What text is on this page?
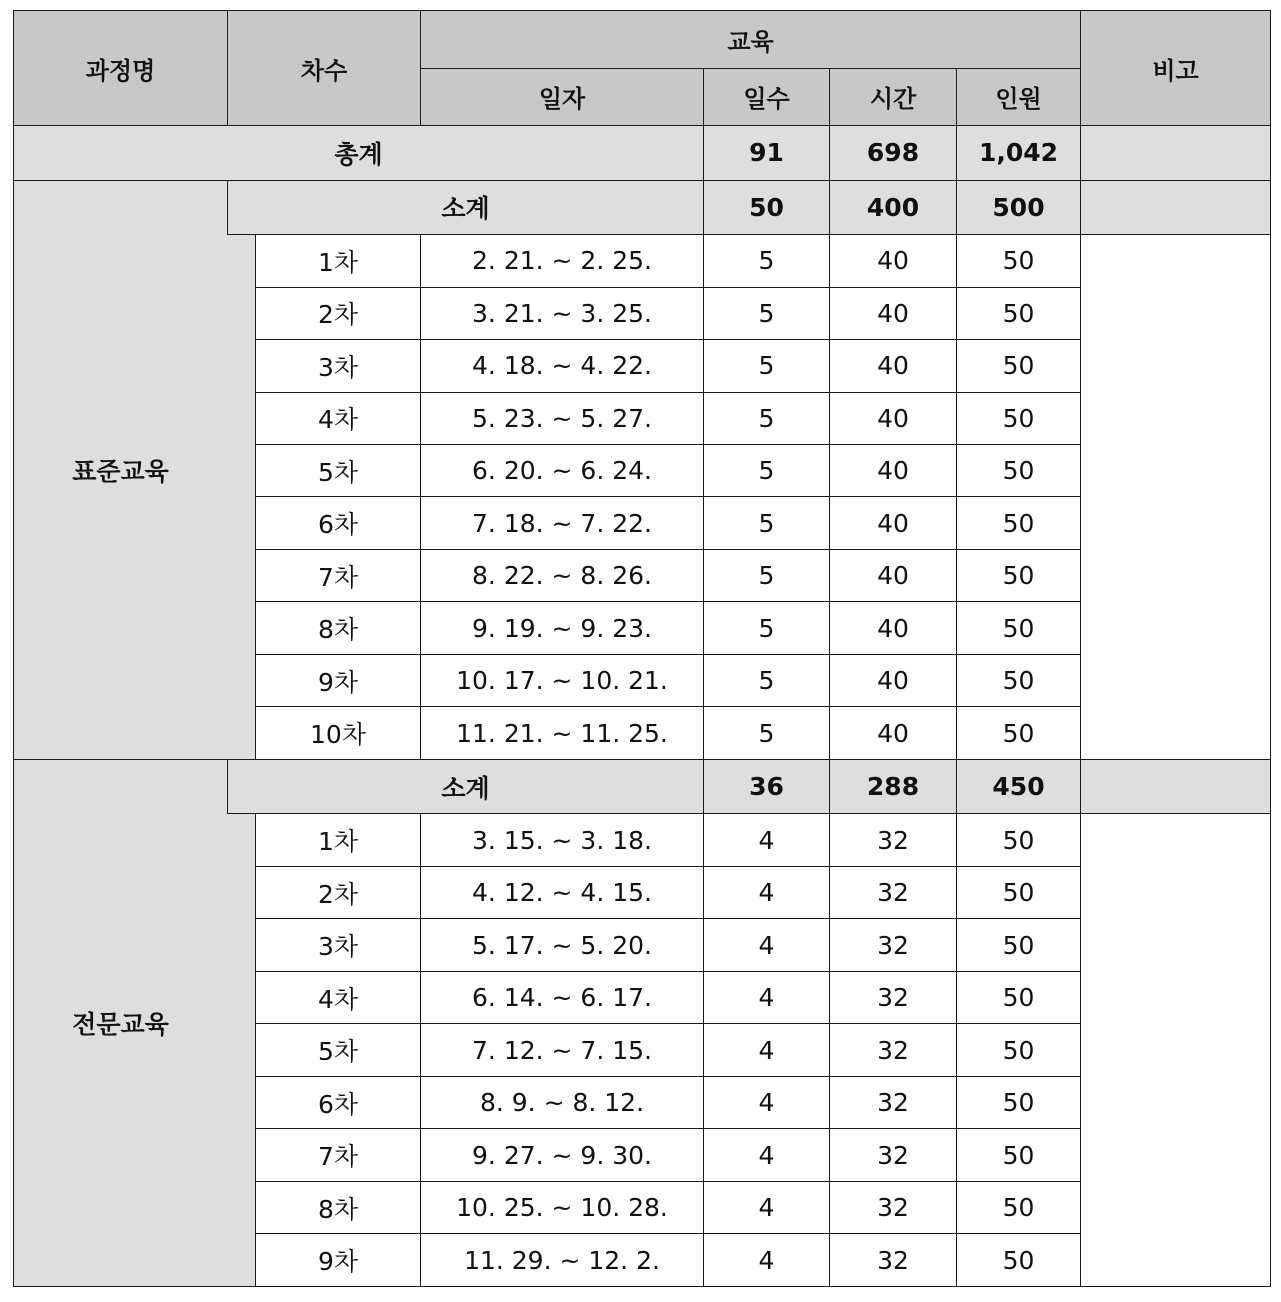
과정명	차수		교육				비고
			일자	일수	시간	인원	
총계				91	698	1,042	
표준교육	소계			50	400	500	
		1차	2. 21. ~ 2. 25.	5	40	50	
		2차	3. 21. ~ 3. 25.	5	40	50	
		3차	4. 18. ~ 4. 22.	5	40	50	
		4차	5. 23. ~ 5. 27.	5	40	50	
		5차	6. 20. ~ 6. 24.	5	40	50	
		6차	7. 18. ~ 7. 22.	5	40	50	
		7차	8. 22. ~ 8. 26.	5	40	50	
		8차	9. 19. ~ 9. 23.	5	40	50	
		9차	10. 17. ~ 10. 21.	5	40	50	
		10차	11. 21. ~ 11. 25.	5	40	50	
전문교육	소계			36	288	450	
		1차	3. 15. ~ 3. 18.	4	32	50	
		2차	4. 12. ~ 4. 15.	4	32	50	
		3차	5. 17. ~ 5. 20.	4	32	50	
		4차	6. 14. ~ 6. 17.	4	32	50	
		5차	7. 12. ~ 7. 15.	4	32	50	
		6차	8. 9. ~ 8. 12.	4	32	50	
		7차	9. 27. ~ 9. 30.	4	32	50	
		8차	10. 25. ~ 10. 28.	4	32	50	
		9차	11. 29. ~ 12. 2.	4	32	50	
